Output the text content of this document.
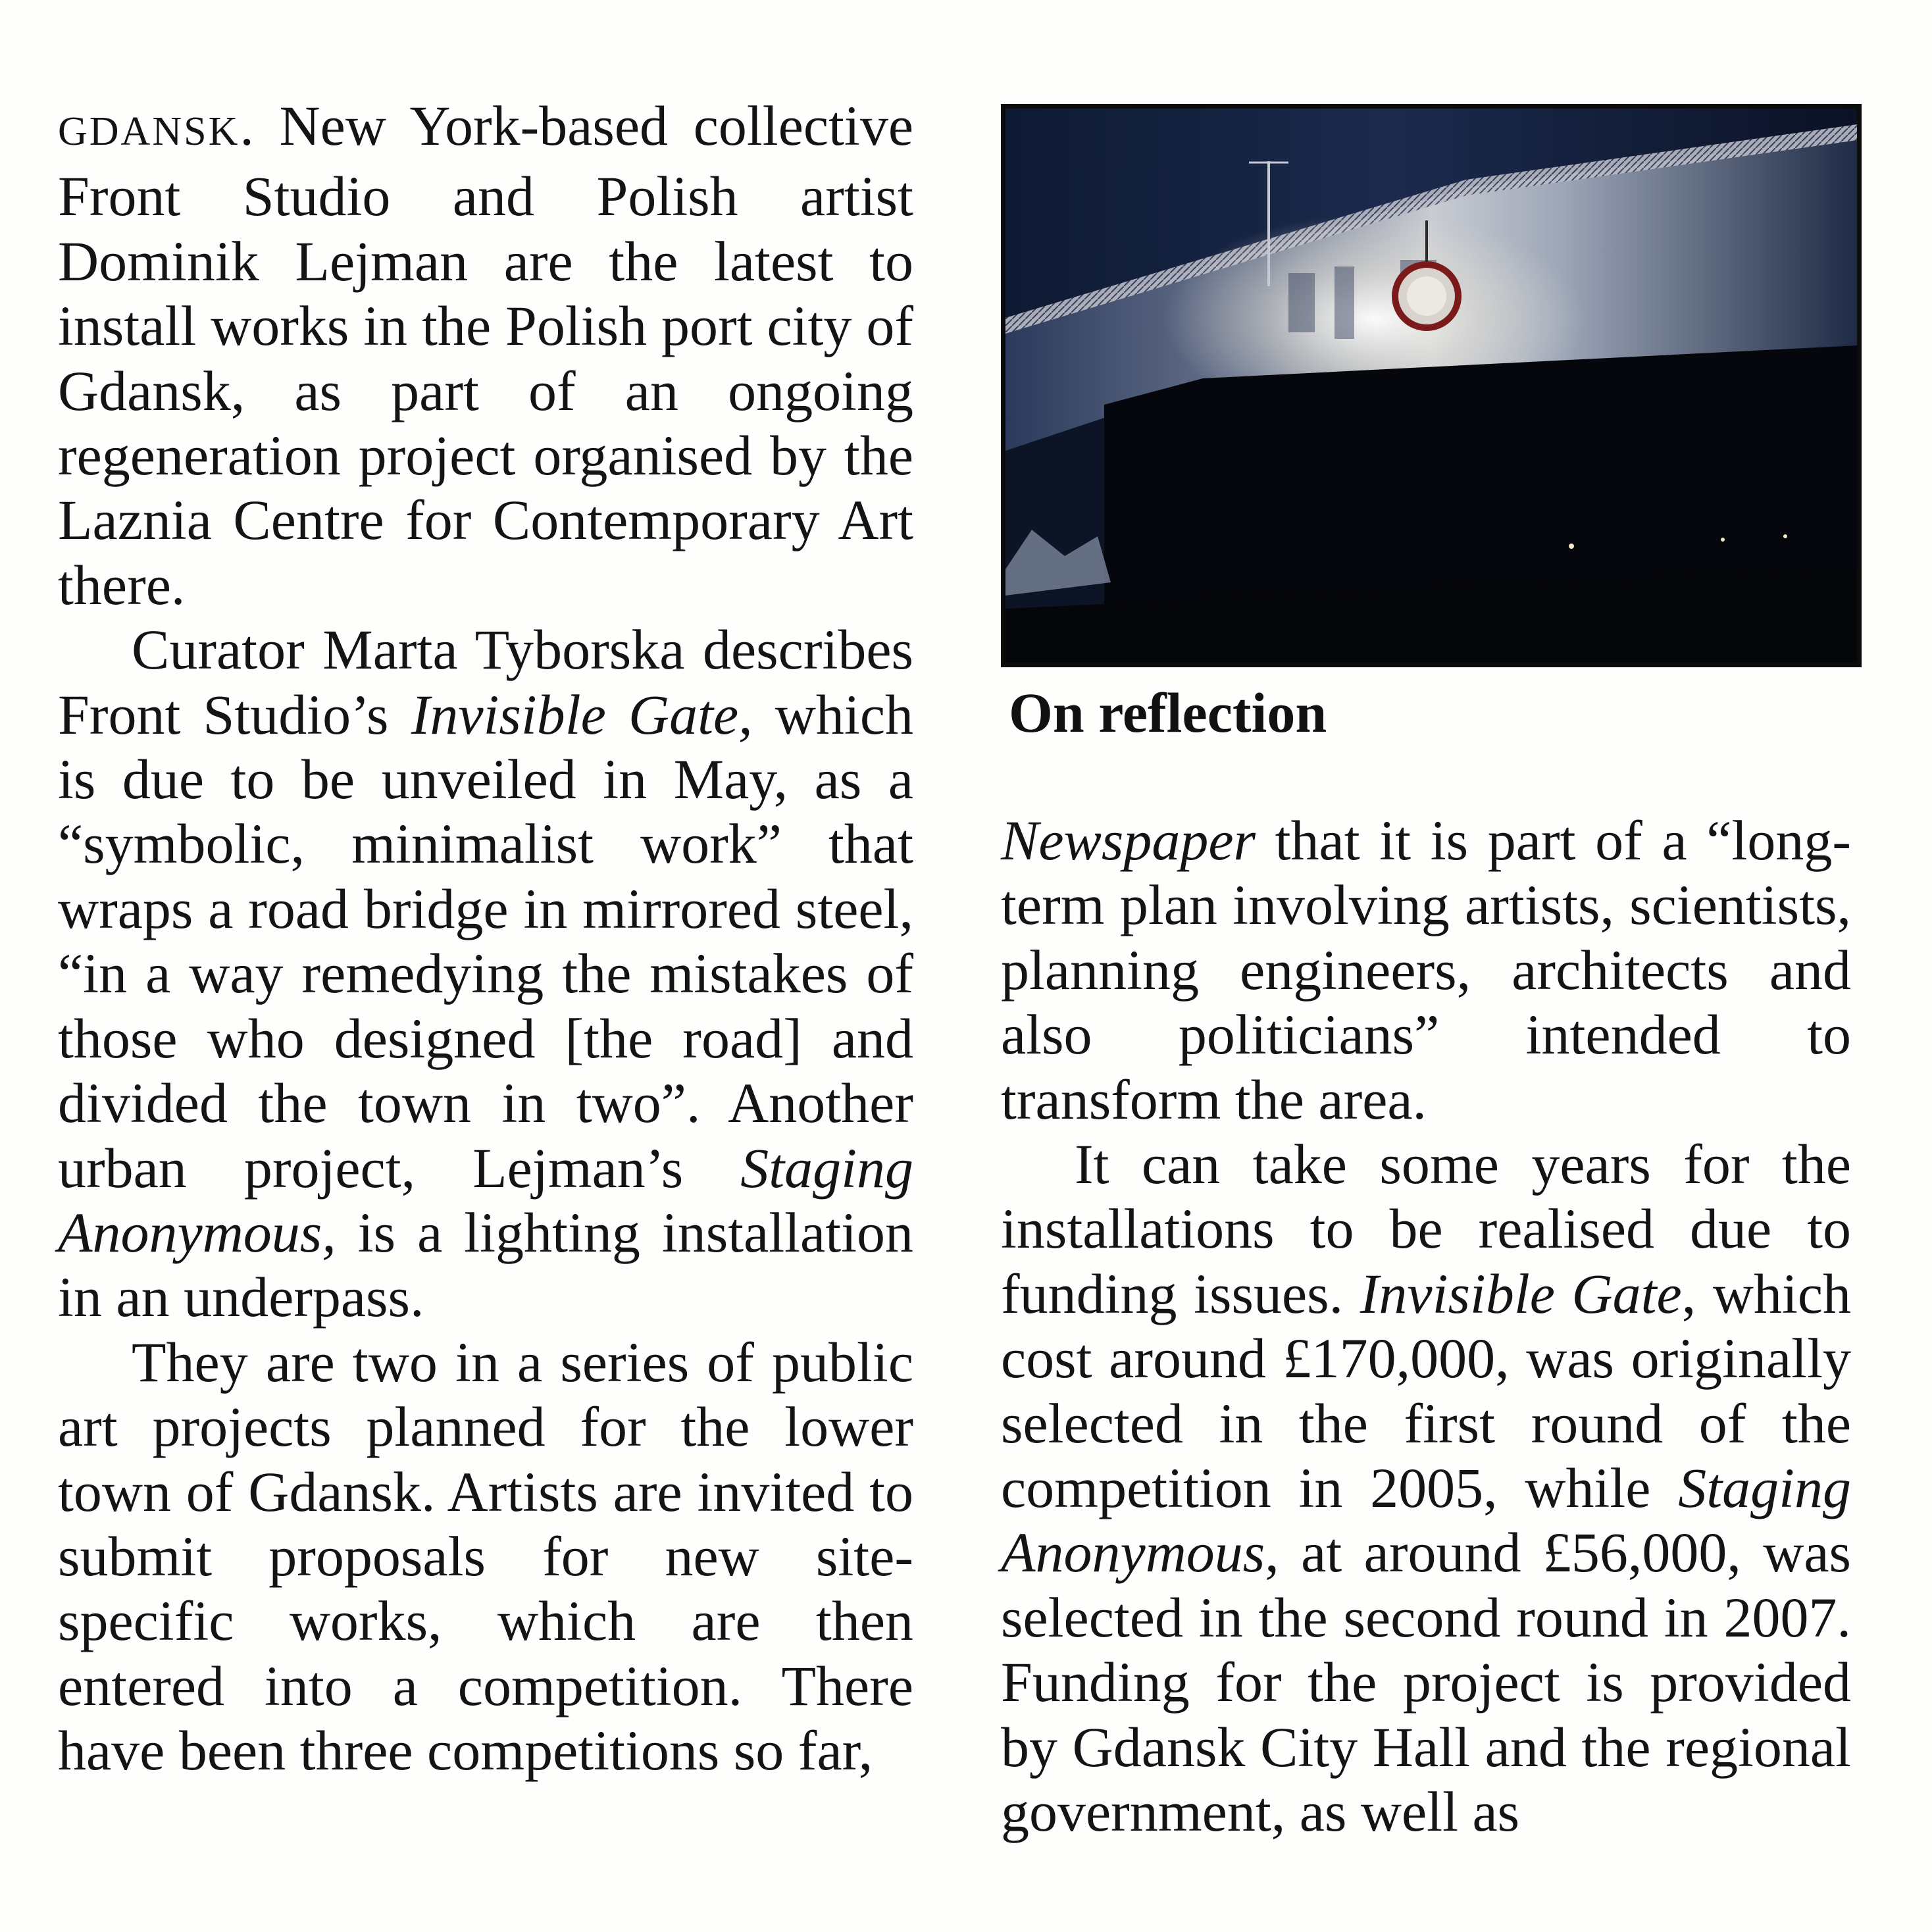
GDANSK. New York-based collective Front Studio and Polish artist Dominik Lejman are the latest to install works in the Polish port city of Gdansk, as part of an ongoing regeneration project organised by the Laznia Centre for Contemporary Art there.

Curator Marta Tyborska describes Front Studio’s Invisible Gate, which is due to be unveiled in May, as a “symbolic, minimalist work” that wraps a road bridge in mirrored steel, “in a way remedying the mistakes of those who designed [the road] and divided the town in two”. Another urban project, Lejman’s Staging Anonymous, is a lighting installation in an underpass.

They are two in a series of public art projects planned for the lower town of Gdansk. Artists are invited to submit proposals for new site-specific works, which are then entered into a competition. There have been three competitions so far,

On reflection

Newspaper that it is part of a “long-term plan involving artists, scientists, planning engineers, architects and also politicians” intended to transform the area.

It can take some years for the installations to be realised due to funding issues. Invisible Gate, which cost around £170,000, was originally selected in the first round of the competition in 2005, while Staging Anonymous, at around £56,000, was selected in the second round in 2007. Funding for the project is provided by Gdansk City Hall and the regional government, as well as
